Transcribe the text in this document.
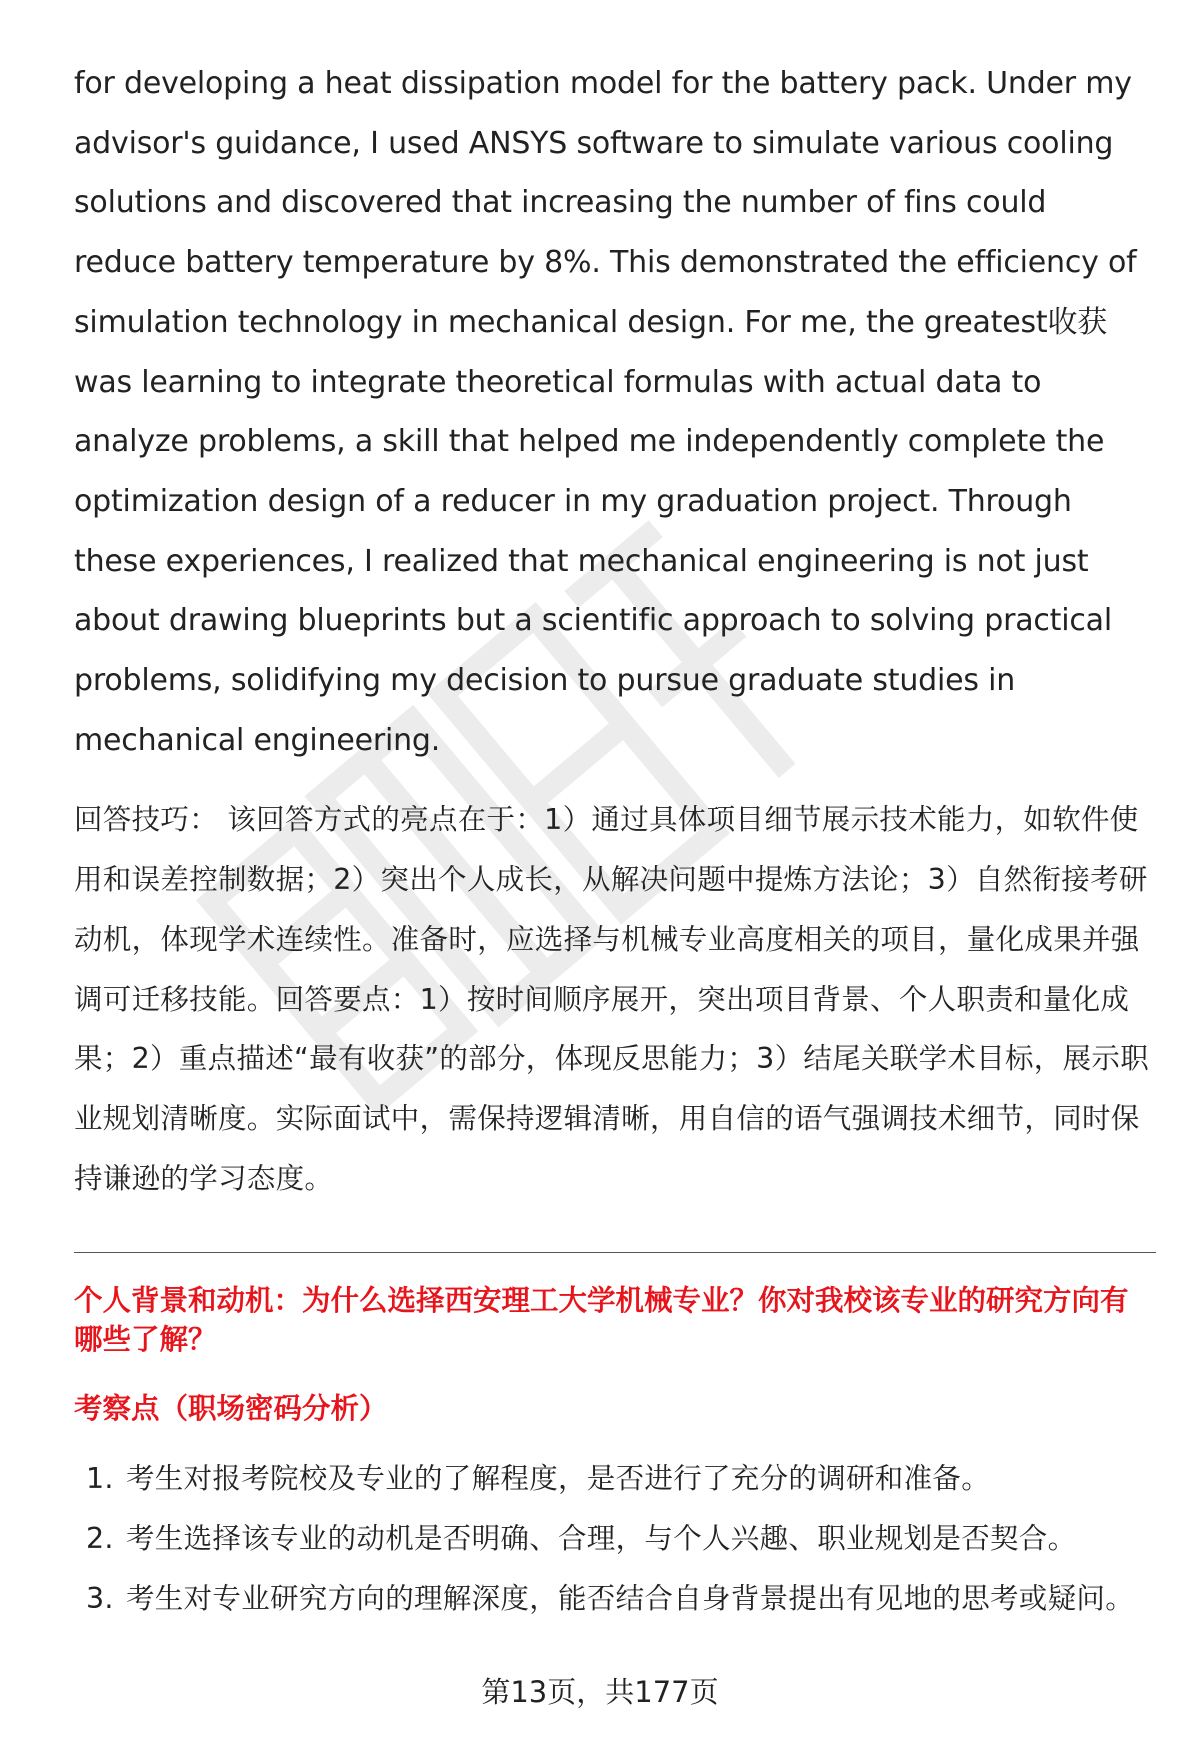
for developing a heat dissipation model for the battery pack. Under my advisor's guidance, I used ANSYS software to simulate various cooling solutions and discovered that increasing the number of fins could reduce battery temperature by 8%. This demonstrated the efficiency of simulation technology in mechanical design. For me, the greatest收获 was learning to integrate theoretical formulas with actual data to analyze problems, a skill that helped me independently complete the optimization design of a reducer in my graduation project. Through these experiences, I realized that mechanical engineering is not just about drawing blueprints but a scientific approach to solving practical problems, solidifying my decision to pursue graduate studies in mechanical engineering.

回答技巧： 该回答方式的亮点在于：1）通过具体项目细节展示技术能力，如软件使用和误差控制数据；2）突出个人成长，从解决问题中提炼方法论；3）自然衔接考研动机，体现学术连续性。准备时，应选择与机械专业高度相关的项目，量化成果并强调可迁移技能。回答要点：1）按时间顺序展开，突出项目背景、个人职责和量化成果；2）重点描述“最有收获”的部分，体现反思能力；3）结尾关联学术目标，展示职业规划清晰度。实际面试中，需保持逻辑清晰，用自信的语气强调技术细节，同时保持谦逊的学习态度。

个人背景和动机：为什么选择西安理工大学机械专业？你对我校该专业的研究方向有哪些了解？
考察点（职场密码分析）
1. 考生对报考院校及专业的了解程度，是否进行了充分的调研和准备。
2. 考生选择该专业的动机是否明确、合理，与个人兴趣、职业规划是否契合。
3. 考生对专业研究方向的理解深度，能否结合自身背景提出有见地的思考或疑问。
第13页，共177页
